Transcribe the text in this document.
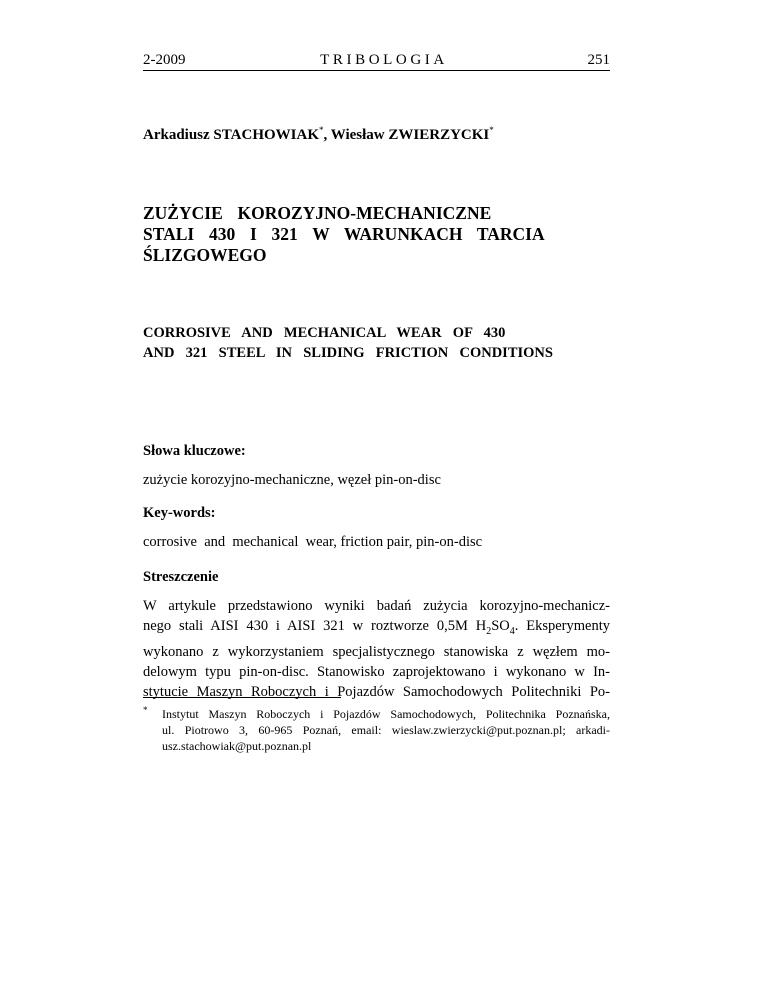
2-2009	TRIBOLOGIA	251
Arkadiusz STACHOWIAK*, Wiesław ZWIERZYCKI*
ZUŻYCIE  KOROZYJNO-MECHANICZNE
STALI  430  I  321  W  WARUNKACH  TARCIA
ŚLIZGOWEGO
CORROSIVE  AND  MECHANICAL  WEAR  OF  430
AND  321  STEEL  IN  SLIDING  FRICTION  CONDITIONS
Słowa kluczowe:
zużycie korozyjno-mechaniczne, węzeł pin-on-disc
Key-words:
corrosive  and  mechanical  wear, friction pair, pin-on-disc
Streszczenie
W artykule przedstawiono wyniki badań zużycia korozyjno-mechanicz-
nego stali AISI 430 i AISI 321 w roztworze 0,5M $H_2SO_4$. Eksperymenty
wykonano z wykorzystaniem specjalistycznego stanowiska z węzłem mo-
delowym typu pin-on-disc. Stanowisko zaprojektowano i wykonano w In-
stytucie Maszyn Roboczych i Pojazdów Samochodowych Politechniki Po-
* Instytut Maszyn Roboczych i Pojazdów Samochodowych, Politechnika Poznańska,
ul. Piotrowo 3, 60-965 Poznań, email: wieslaw.zwierzycki@put.poznan.pl; arkadi-
usz.stachowiak@put.poznan.pl
